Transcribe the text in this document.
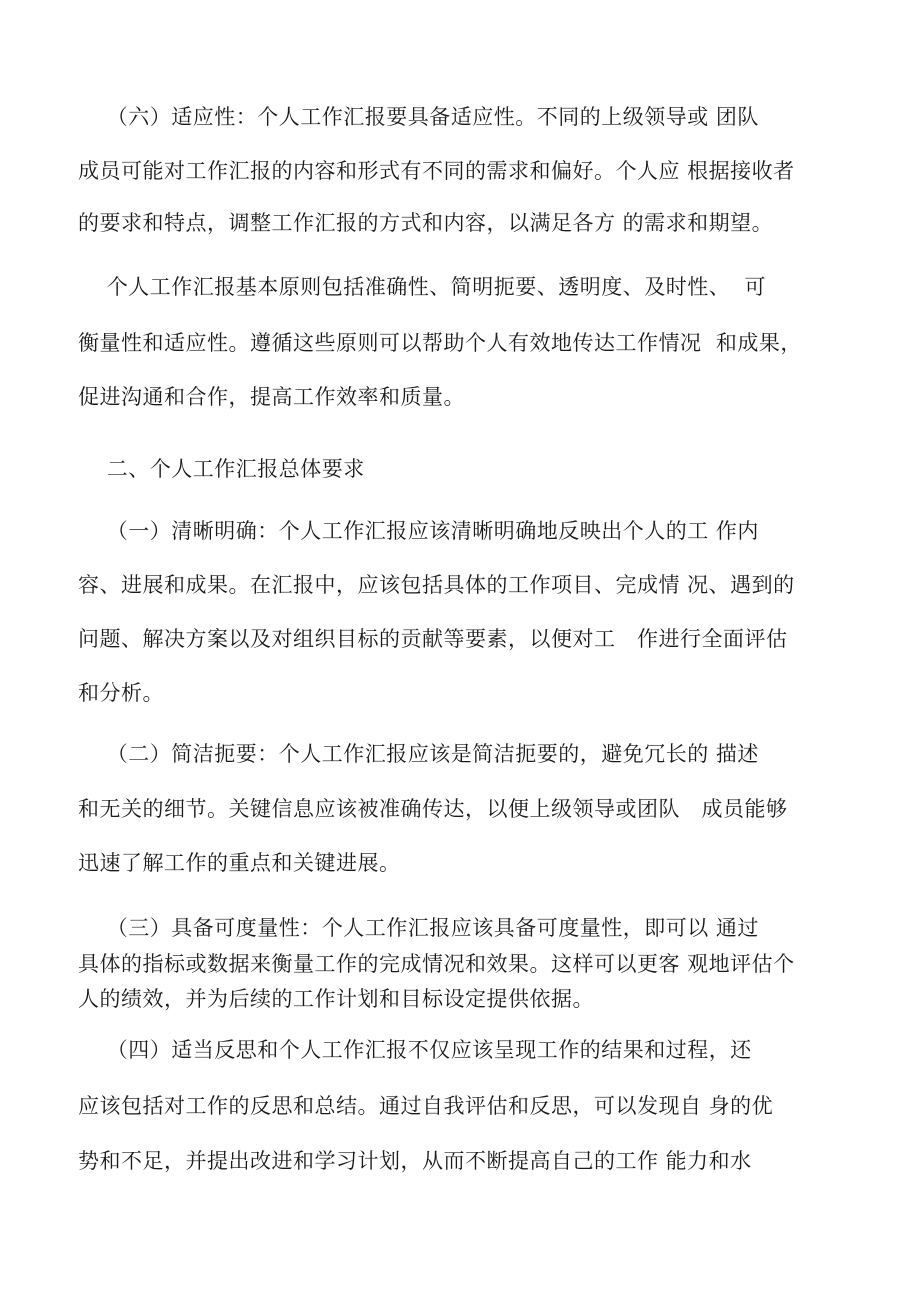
（六）适应性：个人工作汇报要具备适应性。不同的上级领导或 团队
成员可能对工作汇报的内容和形式有不同的需求和偏好。个人应 根据接收者
的要求和特点，调整工作汇报的方式和内容，以满足各方 的需求和期望。
个人工作汇报基本原则包括准确性、简明扼要、透明度、及时性、  可
衡量性和适应性。遵循这些原则可以帮助个人有效地传达工作情况  和成果，
促进沟通和合作，提高工作效率和质量。
二、个人工作汇报总体要求
（一）清晰明确：个人工作汇报应该清晰明确地反映出个人的工 作内
容、进展和成果。在汇报中，应该包括具体的工作项目、完成情 况、遇到的
问题、解决方案以及对组织目标的贡献等要素，以便对工   作进行全面评估
和分析。
（二）简洁扼要：个人工作汇报应该是简洁扼要的，避免冗长的 描述
和无关的细节。关键信息应该被准确传达，以便上级领导或团队   成员能够
迅速了解工作的重点和关键进展。
（三）具备可度量性：个人工作汇报应该具备可度量性，即可以 通过
具体的指标或数据来衡量工作的完成情况和效果。这样可以更客 观地评估个
人的绩效，并为后续的工作计划和目标设定提供依据。
（四）适当反思和个人工作汇报不仅应该呈现工作的结果和过程，还
应该包括对工作的反思和总结。通过自我评估和反思，可以发现自 身的优
势和不足，并提出改进和学习计划，从而不断提高自己的工作 能力和水
